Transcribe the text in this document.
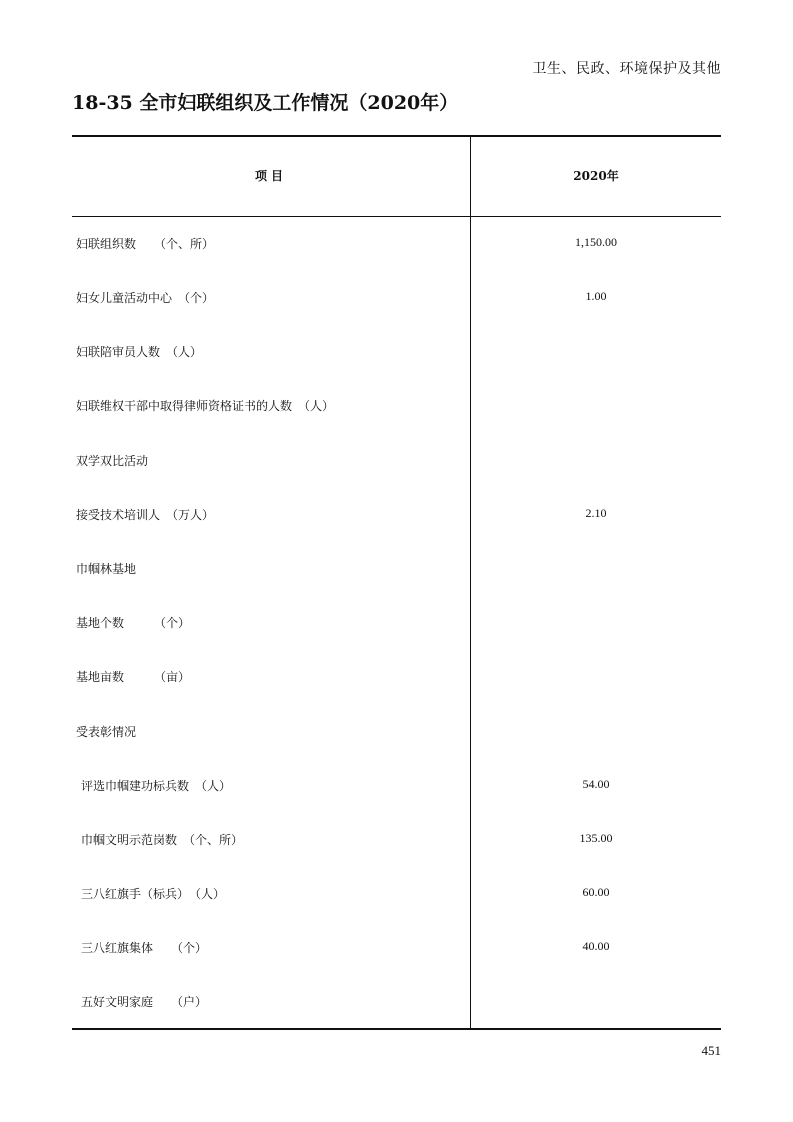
卫生、民政、环境保护及其他
18-35 全市妇联组织及工作情况（2020年）
项目	2020年
妇联组织数　　（个、所）	1,150.00
妇女儿童活动中心　（个）	1.00
妇联陪审员人数　（人）
妇联维权干部中取得律师资格证书的人数　（人）
双学双比活动
接受技术培训人　（万人）	2.10
巾帼林基地
基地个数　　　（个）
基地亩数　　　（亩）
受表彰情况
评选巾帼建功标兵数　（人）	54.00
巾帼文明示范岗数　（个、所）	135.00
三八红旗手（标兵）　（人）	60.00
三八红旗集体　　（个）	40.00
五好文明家庭　　（户）
451
